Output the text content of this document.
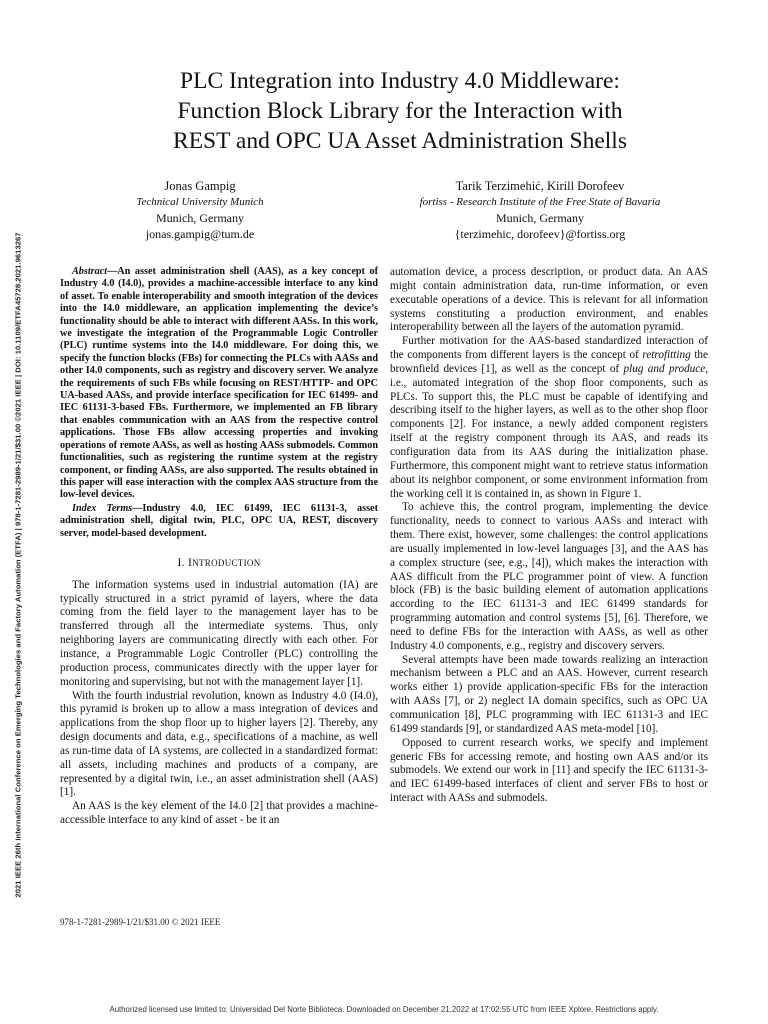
2021 IEEE 26th International Conference on Emerging Technologies and Factory Automation (ETFA) | 978-1-7281-2989-1/21/$31.00 ©2021 IEEE | DOI: 10.1109/ETFA45728.2021.9613267
PLC Integration into Industry 4.0 Middleware:
Function Block Library for the Interaction with
REST and OPC UA Asset Administration Shells
Jonas Gampig
Technical University Munich
Munich, Germany
jonas.gampig@tum.de
Tarik Terzimehić, Kirill Dorofeev
fortiss - Research Institute of the Free State of Bavaria
Munich, Germany
{terzimehic, dorofeev}@fortiss.org

Abstract—An asset administration shell (AAS), as a key concept of Industry 4.0 (I4.0), provides a machine-accessible interface to any kind of asset. To enable interoperability and smooth integration of the devices into the I4.0 middleware, an application implementing the device’s functionality should be able to interact with different AASs. In this work, we investigate the integration of the Programmable Logic Controller (PLC) runtime systems into the I4.0 middleware. For doing this, we specify the function blocks (FBs) for connecting the PLCs with AASs and other I4.0 components, such as registry and discovery server. We analyze the requirements of such FBs while focusing on REST/HTTP- and OPC UA-based AASs, and provide interface specification for IEC 61499- and IEC 61131-3-based FBs. Furthermore, we implemented an FB library that enables communication with an AAS from the respective control applications. Those FBs allow accessing properties and invoking operations of remote AASs, as well as hosting AASs submodels. Common functionalities, such as registering the runtime system at the registry component, or finding AASs, are also supported. The results obtained in this paper will ease interaction with the complex AAS structure from the low-level devices.

Index Terms—Industry 4.0, IEC 61499, IEC 61131-3, asset administration shell, digital twin, PLC, OPC UA, REST, discovery server, model-based development.

I. INTRODUCTION

The information systems used in industrial automation (IA) are typically structured in a strict pyramid of layers, where the data coming from the field layer to the management layer has to be transferred through all the intermediate systems. Thus, only neighboring layers are communicating directly with each other. For instance, a Programmable Logic Controller (PLC) controlling the production process, communicates directly with the upper layer for monitoring and supervising, but not with the management layer [1].

With the fourth industrial revolution, known as Industry 4.0 (I4.0), this pyramid is broken up to allow a mass integration of devices and applications from the shop floor up to higher layers [2]. Thereby, any design documents and data, e.g., specifications of a machine, as well as run-time data of IA systems, are collected in a standardized format: all assets, including machines and products of a company, are represented by a digital twin, i.e., an asset administration shell (AAS) [1].

An AAS is the key element of the I4.0 [2] that provides a machine-accessible interface to any kind of asset - be it an

978-1-7281-2989-1/21/$31.00 © 2021 IEEE

automation device, a process description, or product data. An AAS might contain administration data, run-time information, or even executable operations of a device. This is relevant for all information systems constituting a production environment, and enables interoperability between all the layers of the automation pyramid.

Further motivation for the AAS-based standardized interaction of the components from different layers is the concept of retrofitting the brownfield devices [1], as well as the concept of plug and produce, i.e., automated integration of the shop floor components, such as PLCs. To support this, the PLC must be capable of identifying and describing itself to the higher layers, as well as to the other shop floor components [2]. For instance, a newly added component registers itself at the registry component through its AAS, and reads its configuration data from its AAS during the initialization phase. Furthermore, this component might want to retrieve status information about its neighbor component, or some environment information from the working cell it is contained in, as shown in Figure 1.

To achieve this, the control program, implementing the device functionality, needs to connect to various AASs and interact with them. There exist, however, some challenges: the control applications are usually implemented in low-level languages [3], and the AAS has a complex structure (see, e.g., [4]), which makes the interaction with AAS difficult from the PLC programmer point of view. A function block (FB) is the basic building element of automation applications according to the IEC 61131-3 and IEC 61499 standards for programming automation and control systems [5], [6]. Therefore, we need to define FBs for the interaction with AASs, as well as other Industry 4.0 components, e.g., registry and discovery servers.

Several attempts have been made towards realizing an interaction mechanism between a PLC and an AAS. However, current research works either 1) provide application-specific FBs for the interaction with AASs [7], or 2) neglect IA domain specifics, such as OPC UA communication [8], PLC programming with IEC 61131-3 and IEC 61499 standards [9], or standardized AAS meta-model [10].

Opposed to current research works, we specify and implement generic FBs for accessing remote, and hosting own AAS and/or its submodels. We extend our work in [11] and specify the IEC 61131-3- and IEC 61499-based interfaces of client and server FBs to host or interact with AASs and submodels.

Authorized licensed use limited to: Universidad Del Norte Biblioteca. Downloaded on December 21,2022 at 17:02:55 UTC from IEEE Xplore. Restrictions apply.
